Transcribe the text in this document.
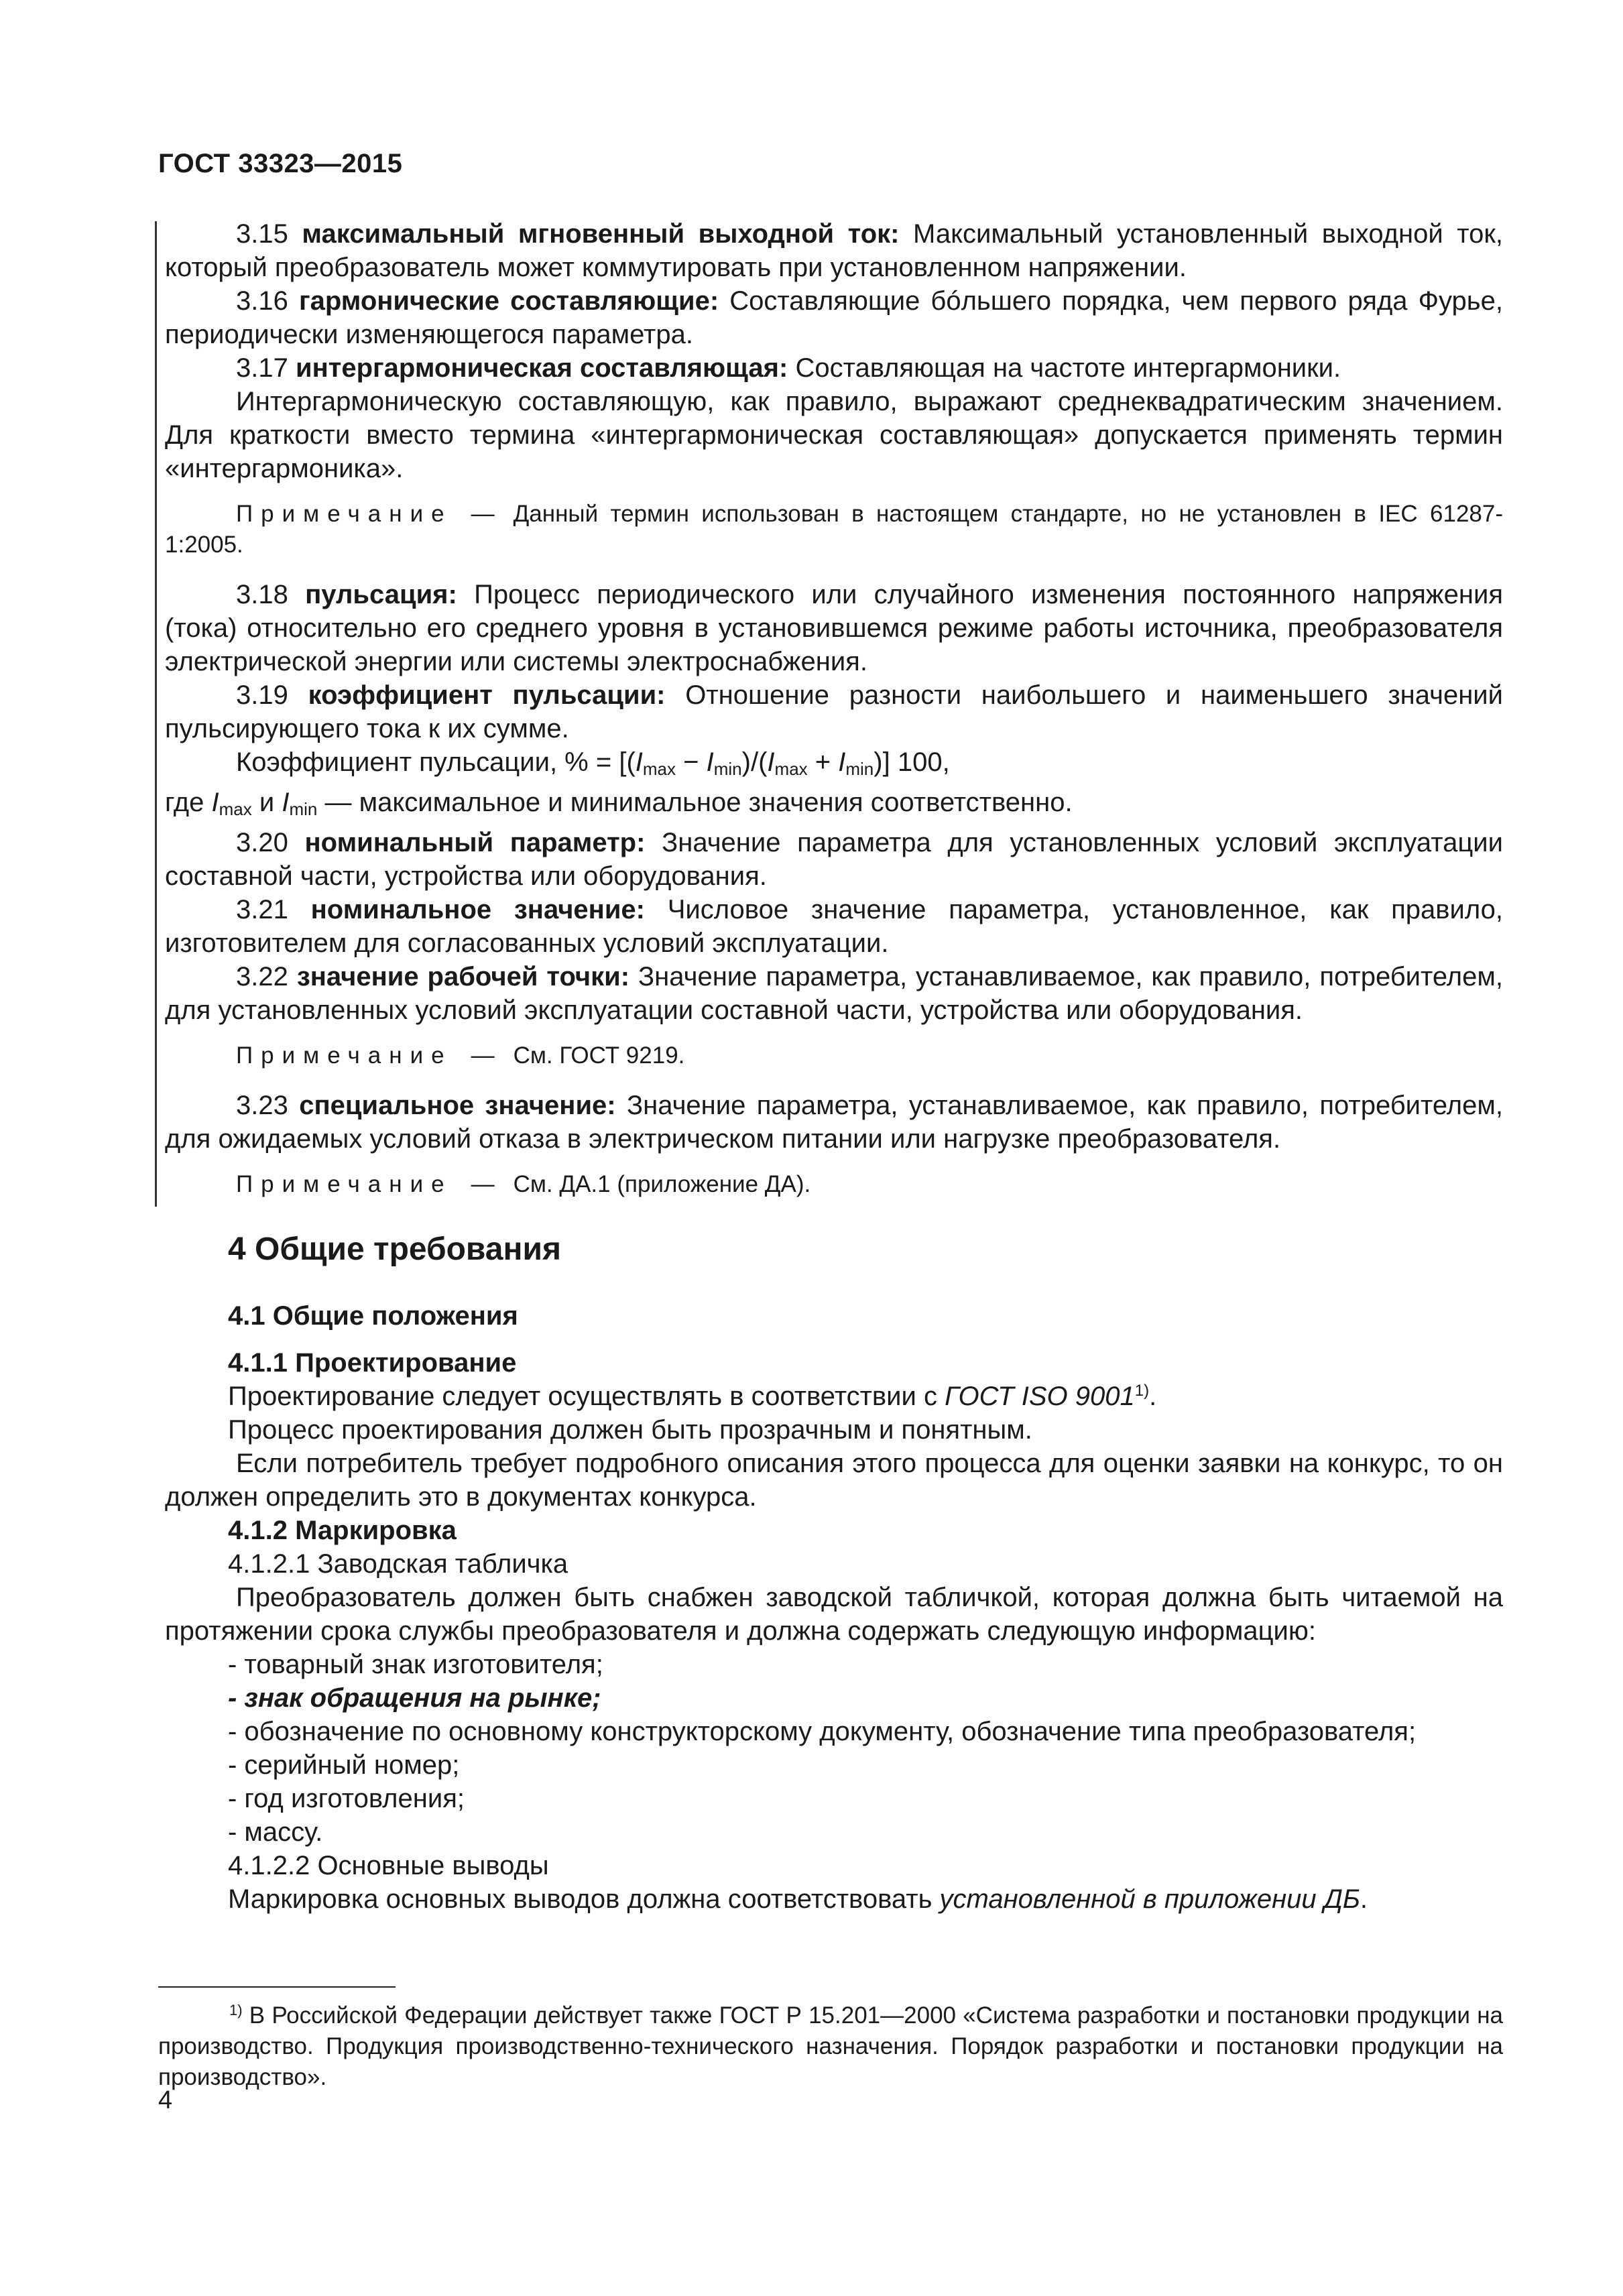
ГОСТ 33323—2015

3.15 максимальный мгновенный выходной ток: Максимальный установленный выходной ток, который преобразователь может коммутировать при установленном напряжении.

3.16 гармонические составляющие: Составляющие бóльшего порядка, чем первого ряда Фурье, периодически изменяющегося параметра.

3.17 интергармоническая составляющая: Составляющая на частоте интергармоники.

Интергармоническую составляющую, как правило, выражают среднеквадратическим значением. Для краткости вместо термина «интергармоническая составляющая» допускается применять термин «интергармоника».

Примечание — Данный термин использован в настоящем стандарте, но не установлен в IEC 61287-1:2005.

3.18 пульсация: Процесс периодического или случайного изменения постоянного напряжения (тока) относительно его среднего уровня в установившемся режиме работы источника, преобразователя электрической энергии или системы электроснабжения.

3.19 коэффициент пульсации: Отношение разности наибольшего и наименьшего значений пульсирующего тока к их сумме.

Коэффициент пульсации, % = $[(I_{max} - I_{min})/(I_{max} + I_{min})]$ 100,

где $I_{max}$ и $I_{min}$ — максимальное и минимальное значения соответственно.

3.20 номинальный параметр: Значение параметра для установленных условий эксплуатации составной части, устройства или оборудования.

3.21 номинальное значение: Числовое значение параметра, установленное, как правило, изготовителем для согласованных условий эксплуатации.

3.22 значение рабочей точки: Значение параметра, устанавливаемое, как правило, потребителем, для установленных условий эксплуатации составной части, устройства или оборудования.

Примечание — См. ГОСТ 9219.

3.23 специальное значение: Значение параметра, устанавливаемое, как правило, потребителем, для ожидаемых условий отказа в электрическом питании или нагрузке преобразователя.

Примечание — См. ДА.1 (приложение ДА).

4 Общие требования

4.1 Общие положения

4.1.1 Проектирование

Проектирование следует осуществлять в соответствии с ГОСТ ISO 9001$^{1)}$.

Процесс проектирования должен быть прозрачным и понятным.

Если потребитель требует подробного описания этого процесса для оценки заявки на конкурс, то он должен определить это в документах конкурса.

4.1.2 Маркировка

4.1.2.1 Заводская табличка

Преобразователь должен быть снабжен заводской табличкой, которая должна быть читаемой на протяжении срока службы преобразователя и должна содержать следующую информацию:

- товарный знак изготовителя;

- знак обращения на рынке;

- обозначение по основному конструкторскому документу, обозначение типа преобразователя;

- серийный номер;

- год изготовления;

- массу.

4.1.2.2 Основные выводы

Маркировка основных выводов должна соответствовать установленной в приложении ДБ.

$^{1)}$ В Российской Федерации действует также ГОСТ Р 15.201—2000 «Система разработки и постановки продукции на производство. Продукция производственно-технического назначения. Порядок разработки и постановки продукции на производство».

4
